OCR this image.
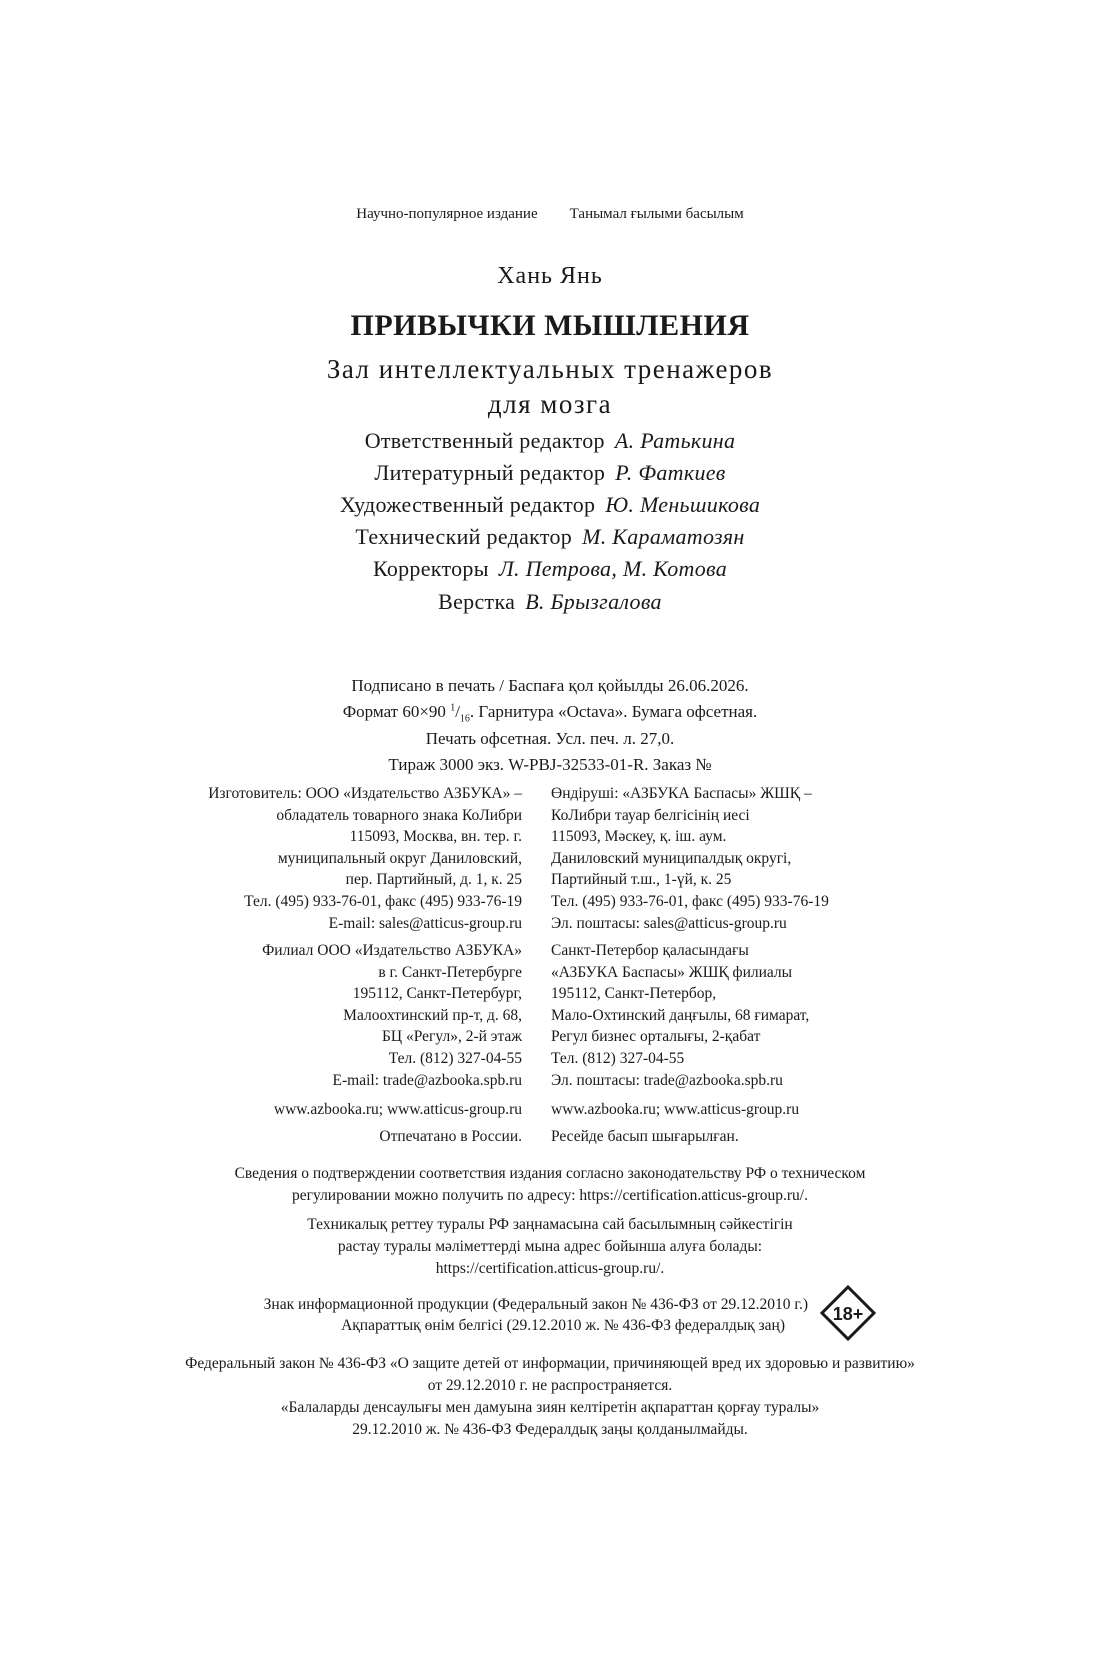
Научно-популярное издание Танымал ғылыми басылым
Хань Янь
ПРИВЫЧКИ МЫШЛЕНИЯ
Зал интеллектуальных тренажеров
для мозга
Ответственный редактор А. Ратькина
Литературный редактор Р. Фаткиев
Художественный редактор Ю. Меньшикова
Технический редактор М. Караматозян
Корректоры Л. Петрова, М. Котова
Верстка В. Брызгалова
Подписано в печать / Баспаға қол қойылды 26.06.2026.
Формат 60×90 $^1/_{16}$. Гарнитура «Octava». Бумага офсетная.
Печать офсетная. Усл. печ. л. 27,0.
Тираж 3000 экз. W-PBJ-32533-01-R. Заказ №
Изготовитель: ООО «Издательство АЗБУКА» –
обладатель товарного знака КоЛибри
115093, Москва, вн. тер. г.
муниципальный округ Даниловский,
пер. Партийный, д. 1, к. 25
Тел. (495) 933-76-01, факс (495) 933-76-19
E-mail: sales@atticus-group.ru
Өндіруші: «АЗБУКА Баспасы» ЖШҚ –
КоЛибри тауар белгісінің иесі
115093, Мәскеу, қ. іш. аум.
Даниловский муниципалдық округі,
Партийный т.ш., 1-үй, к. 25
Тел. (495) 933-76-01, факс (495) 933-76-19
Эл. поштасы: sales@atticus-group.ru
Филиал ООО «Издательство АЗБУКА»
в г. Санкт-Петербурге
195112, Санкт-Петербург,
Малоохтинский пр-т, д. 68,
БЦ «Регул», 2-й этаж
Тел. (812) 327-04-55
E-mail: trade@azbooka.spb.ru
Санкт-Петербор қаласындағы
«АЗБУКА Баспасы» ЖШҚ филиалы
195112, Санкт-Петербор,
Мало-Охтинский даңғылы, 68 ғимарат,
Регул бизнес орталығы, 2-қабат
Тел. (812) 327-04-55
Эл. поштасы: trade@azbooka.spb.ru
www.azbooka.ru; www.atticus-group.ru www.azbooka.ru; www.atticus-group.ru
Отпечатано в России. Ресейде басып шығарылған.
Сведения о подтверждении соответствия издания согласно законодательству РФ о техническом
регулировании можно получить по адресу: https://certification.atticus-group.ru/.
Техникалық реттеу туралы РФ заңнамасына сай басылымның сәйкестігін
растау туралы мәліметтерді мына адрес бойынша алуға болады:
https://certification.atticus-group.ru/.
Знак информационной продукции (Федеральный закон № 436-ФЗ от 29.12.2010 г.)
Ақпараттық өнім белгісі (29.12.2010 ж. № 436-ФЗ федералдық заң)
18+
Федеральный закон № 436-ФЗ «О защите детей от информации, причиняющей вред их здоровью и развитию»
от 29.12.2010 г. не распространяется.
«Балаларды денсаулығы мен дамуына зиян келтіретін ақпараттан қорғау туралы»
29.12.2010 ж. № 436-ФЗ Федералдық заңы қолданылмайды.
